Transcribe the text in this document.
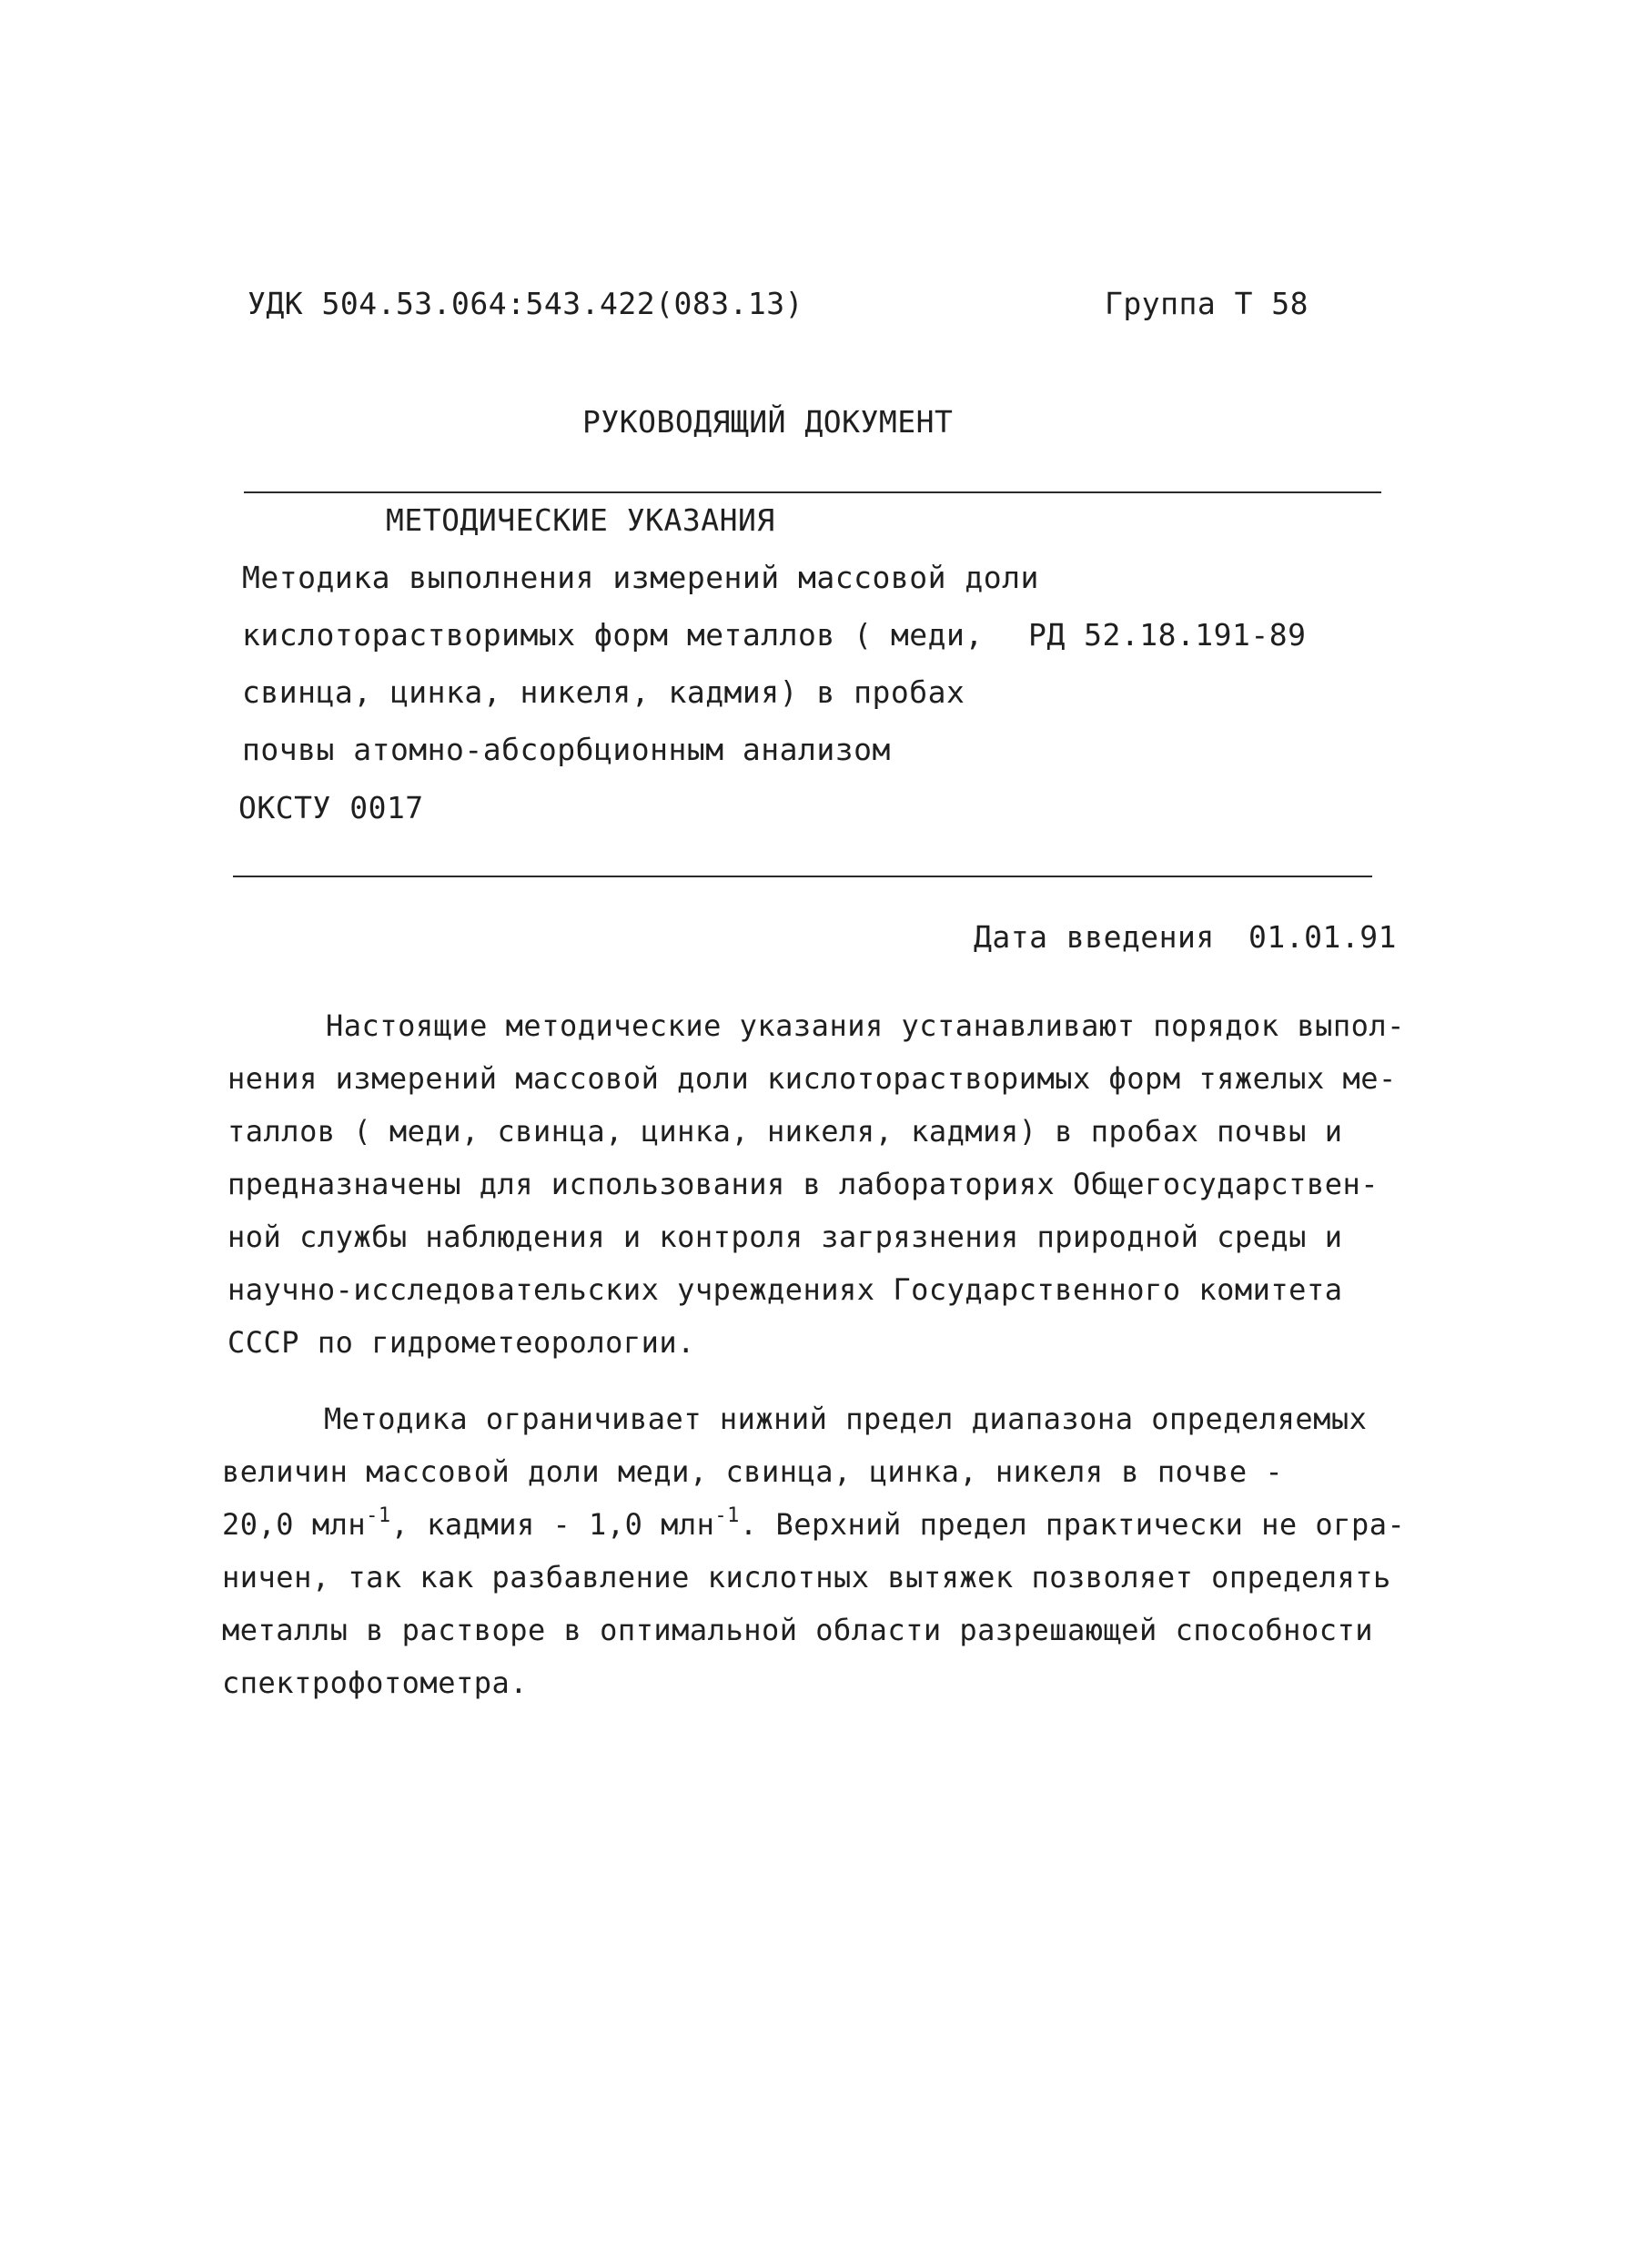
УДК 504.53.064:543.422(083.13)	Группа Т 58
РУКОВОДЯЩИЙ ДОКУМЕНТ
МЕТОДИЧЕСКИЕ УКАЗАНИЯ
Методика выполнения измерений массовой доли
кислоторастворимых форм металлов ( меди,
свинца, цинка, никеля, кадмия) в пробах
почвы атомно-абсорбционным анализом
ОКСТУ 0017
РД 52.18.191-89
Дата введения 01.01.91
Настоящие методические указания устанавливают порядок выпол-
нения измерений массовой доли кислоторастворимых форм тяжелых ме-
таллов ( меди, свинца, цинка, никеля, кадмия) в пробах почвы и
предназначены для использования в лабораториях Общегосударствен-
ной службы наблюдения и контроля загрязнения природной среды и
научно-исследовательских учреждениях Государственного комитета
СССР по гидрометеорологии.
Методика ограничивает нижний предел диапазона определяемых
величин массовой доли меди, свинца, цинка, никеля в почве -
20,0 млн$^{-1}$, кадмия - 1,0 млн$^{-1}$. Верхний предел практически не огра-
ничен, так как разбавление кислотных вытяжек позволяет определять
металлы в растворе в оптимальной области разрешающей способности
спектрофотометра.
